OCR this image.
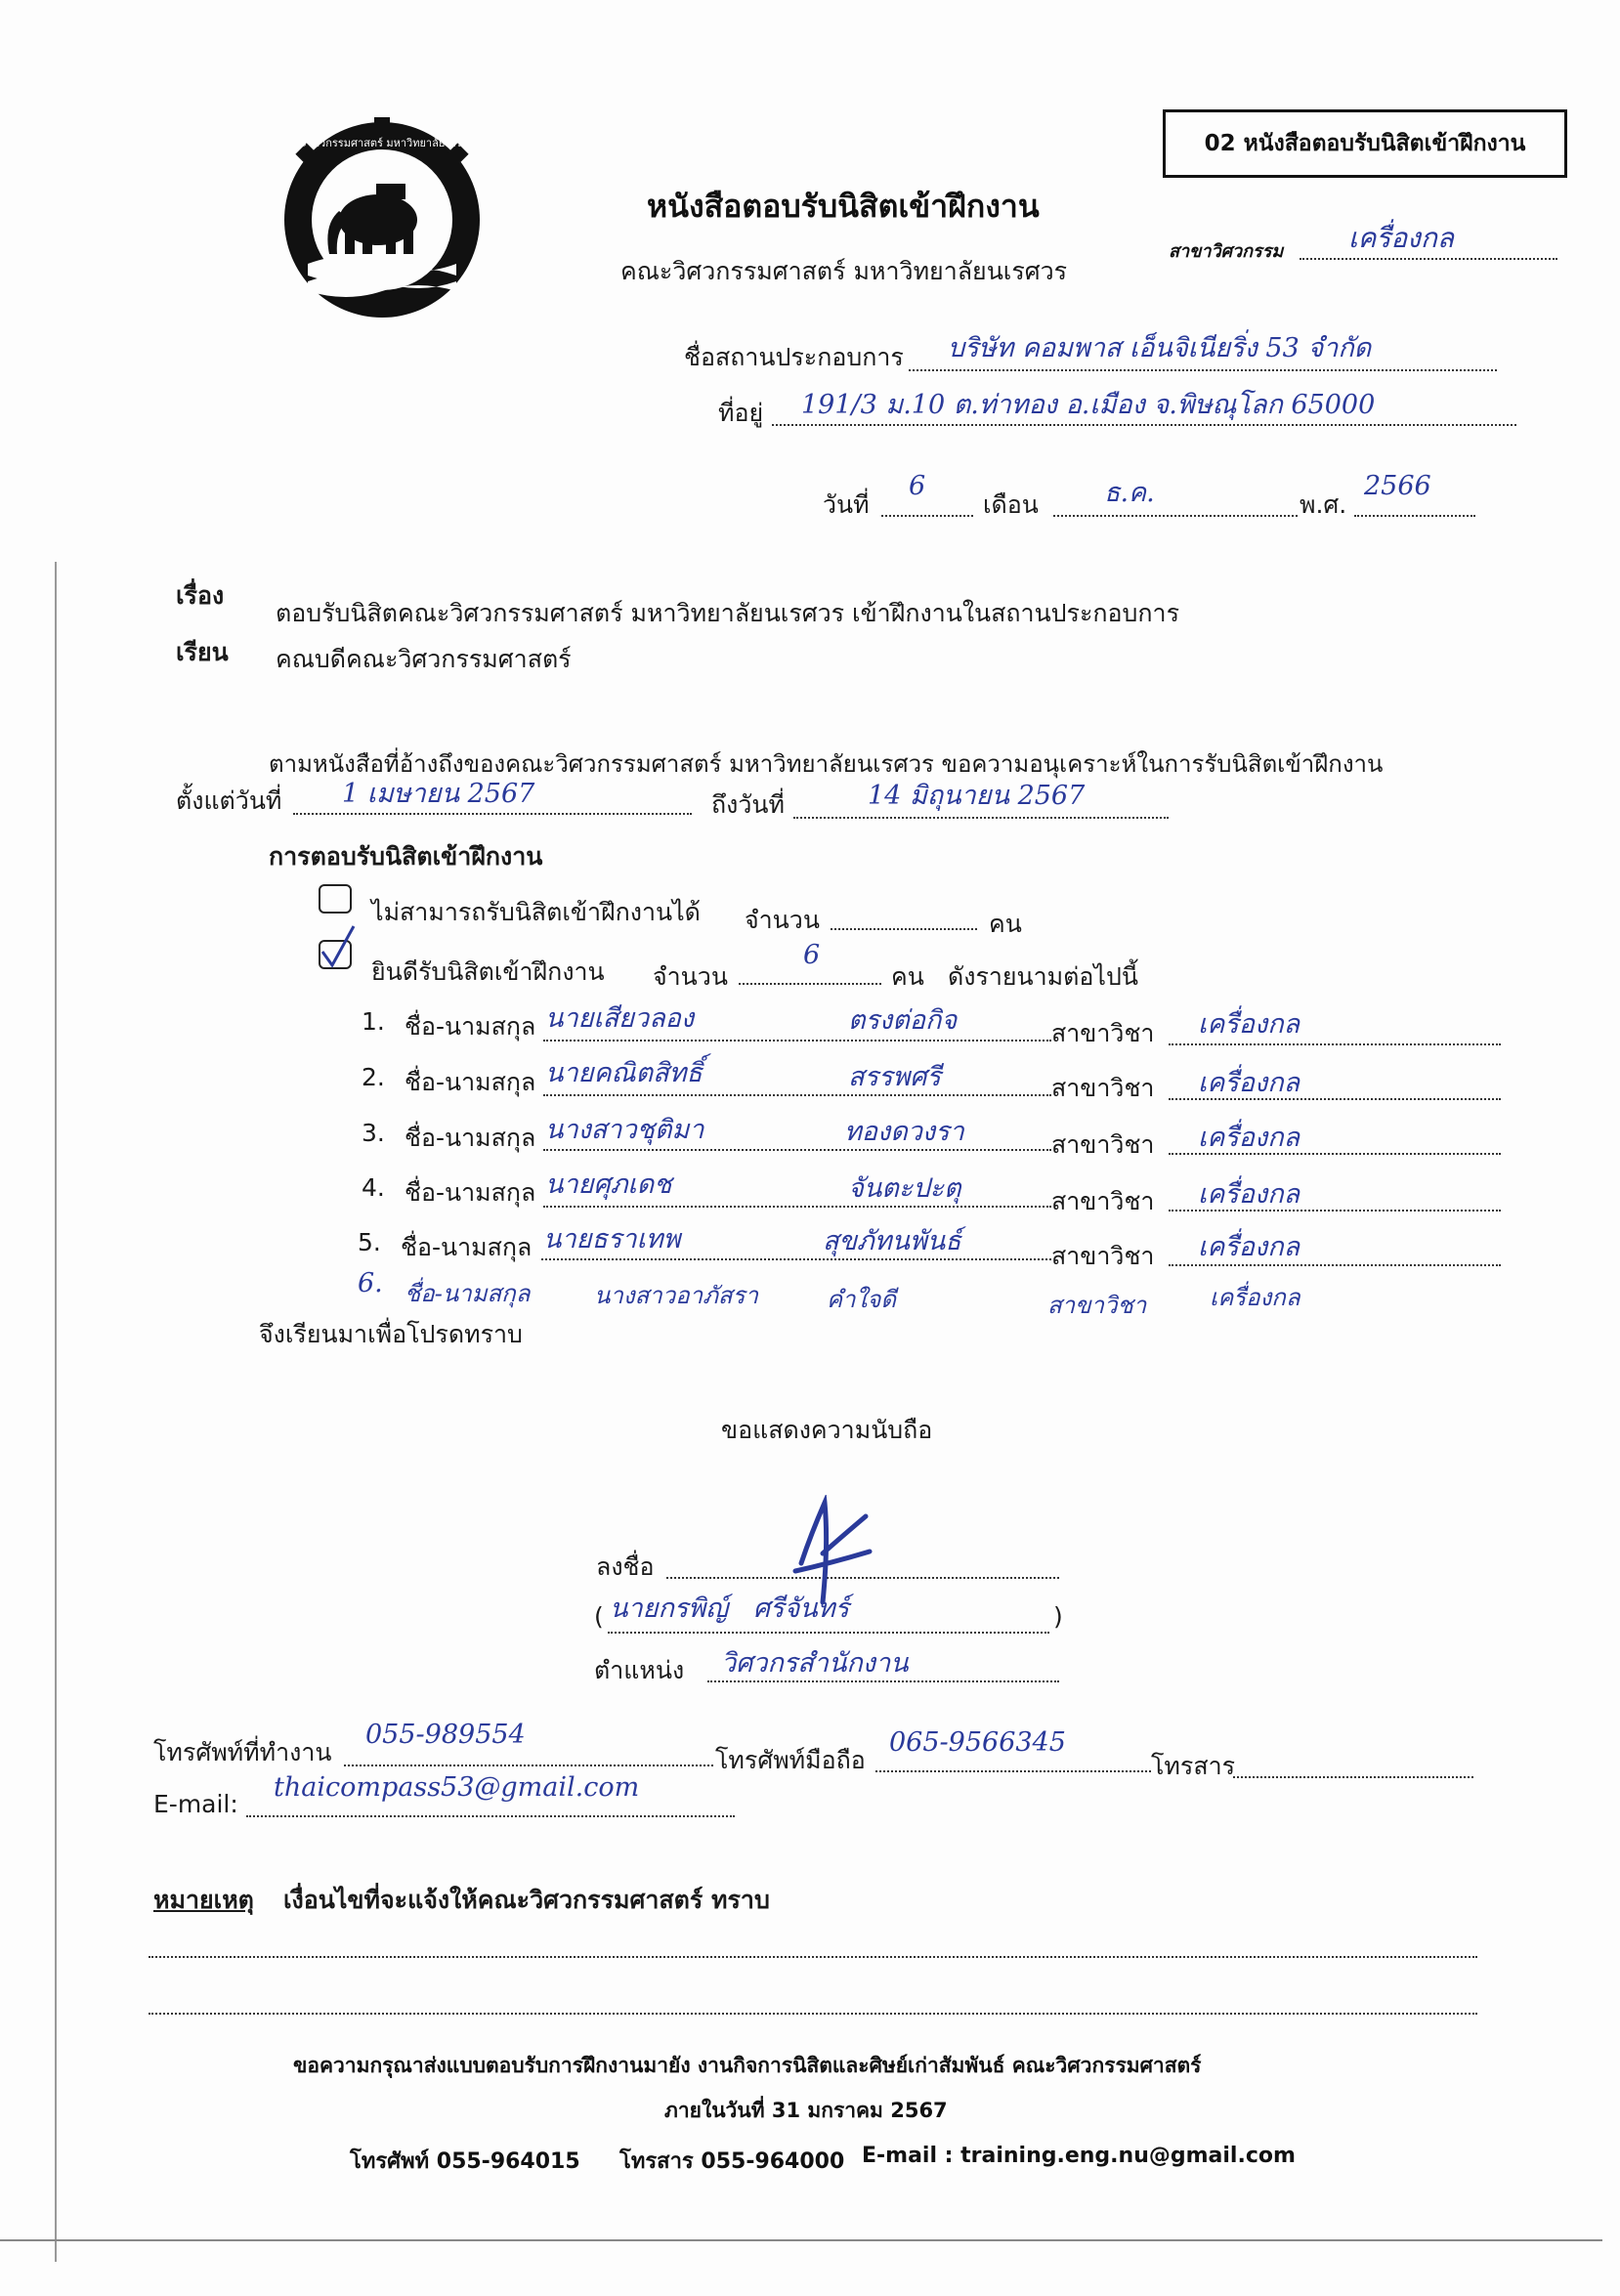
02 หนังสือตอบรับนิสิตเข้าฝึกงาน
คณะวิศวกรรมศาสตร์ มหาวิทยาลัยนเรศวร
หนังสือตอบรับนิสิตเข้าฝึกงาน
คณะวิศวกรรมศาสตร์ มหาวิทยาลัยนเรศวร
สาขาวิศวกรรม เครื่องกล
ชื่อสถานประกอบการ บริษัท คอมพาส เอ็นจิเนียริ่ง 53 จำกัด
ที่อยู่ 191/3 ม.10 ต.ท่าทอง อ.เมือง จ.พิษณุโลก 65000
วันที่
6
เดือน ธ.ค.	พ.ศ.
2566
เรื่อง
ตอบรับนิสิตคณะวิศวกรรมศาสตร์ มหาวิทยาลัยนเรศวร เข้าฝึกงานในสถานประกอบการ
เรียน คณบดีคณะวิศวกรรมศาสตร์
ตามหนังสือที่อ้างถึงของคณะวิศวกรรมศาสตร์ มหาวิทยาลัยนเรศวร ขอความอนุเคราะห์ในการรับนิสิตเข้าฝึกงาน
ตั้งแต่วันที่ 1 เมษายน 2567	ถึงวันที่	14 มิถุนายน 2567
การตอบรับนิสิตเข้าฝึกงาน
ไม่สามารถรับนิสิตเข้าฝึกงานได้ จำนวน	คน
ยินดีรับนิสิตเข้าฝึกงาน จำนวน
6
คน ดังรายนามต่อไปนี้
1. ชื่อ-นามสกุล นายเสียวลอง	ตรงต่อกิจ	สาขาวิชา เครื่องกล
2. ชื่อ-นามสกุล นายคณิตสิทธิ์	สรรพศรี	สาขาวิชา เครื่องกล
3. ชื่อ-นามสกุล นางสาวชุติมา	ทองดวงรา	สาขาวิชา เครื่องกล
4. ชื่อ-นามสกุล นายศุภเดช	จันตะปะตุ	สาขาวิชา เครื่องกล
5. ชื่อ-นามสกุล นายธราเทพ	สุขภัทนพันธ์	สาขาวิชา เครื่องกล
6. ชื่อ-นามสกุล	นางสาวอาภัสรา	คำใจดี	สาขาวิชา	เครื่องกล
จึงเรียนมาเพื่อโปรดทราบ
ขอแสดงความนับถือ
ลงชื่อ
( นายกรพิญ์   ศรีจันทร์	)
ตำแหน่ง วิศวกรสำนักงาน
โทรศัพท์ที่ทำงาน
055-989554
โทรศัพท์มือถือ
065-9566345
โทรสาร
E-mail:
thaicompass53@gmail.com
หมายเหตุ เงื่อนไขที่จะแจ้งให้คณะวิศวกรรมศาสตร์ ทราบ
ขอความกรุณาส่งแบบตอบรับการฝึกงานมายัง งานกิจการนิสิตและศิษย์เก่าสัมพันธ์ คณะวิศวกรรมศาสตร์
ภายในวันที่ 31 มกราคม 2567
โทรศัพท์ 055-964015 โทรสาร 055-964000 E-mail : training.eng.nu@gmail.com
